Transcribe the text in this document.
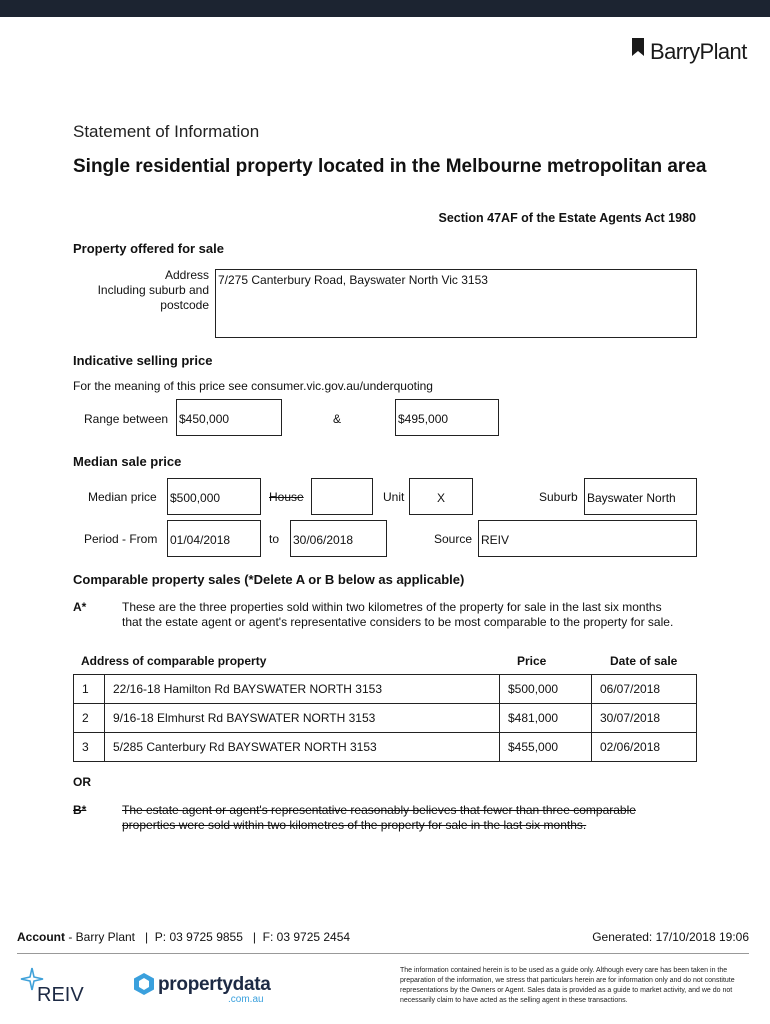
BarryPlant
Statement of Information
Single residential property located in the Melbourne metropolitan area
Section 47AF of the Estate Agents Act 1980
Property offered for sale
Address
Including suburb and
postcode
7/275 Canterbury Road, Bayswater North Vic 3153
Indicative selling price
For the meaning of this price see consumer.vic.gov.au/underquoting
Range between $450,000	&	$495,000
Median sale price
Median price $500,000	House	Unit	X	Suburb Bayswater North
Period - From 01/04/2018	to 30/06/2018	Source REIV
Comparable property sales (*Delete A or B below as applicable)
A*	These are the three properties sold within two kilometres of the property for sale in the last six months that the estate agent or agent's representative considers to be most comparable to the property for sale.
Address of comparable property	Price	Date of sale
1	22/16-18 Hamilton Rd BAYSWATER NORTH 3153	$500,000	06/07/2018
2	9/16-18 Elmhurst Rd BAYSWATER NORTH 3153	$481,000	30/07/2018
3	5/285 Canterbury Rd BAYSWATER NORTH 3153	$455,000	02/06/2018
OR
B*	The estate agent or agent's representative reasonably believes that fewer than three comparable properties were sold within two kilometres of the property for sale in the last six months.
Account - Barry Plant   |  P: 03 9725 9855   |  F: 03 9725 2454	Generated: 17/10/2018 19:06
REIV	propertydata
.com.au
The information contained herein is to be used as a guide only. Although every care has been taken in the preparation of the information, we stress that particulars herein are for information only and do not constitute representations by the Owners or Agent. Sales data is provided as a guide to market activity, and we do not necessarily claim to have acted as the selling agent in these transactions.
